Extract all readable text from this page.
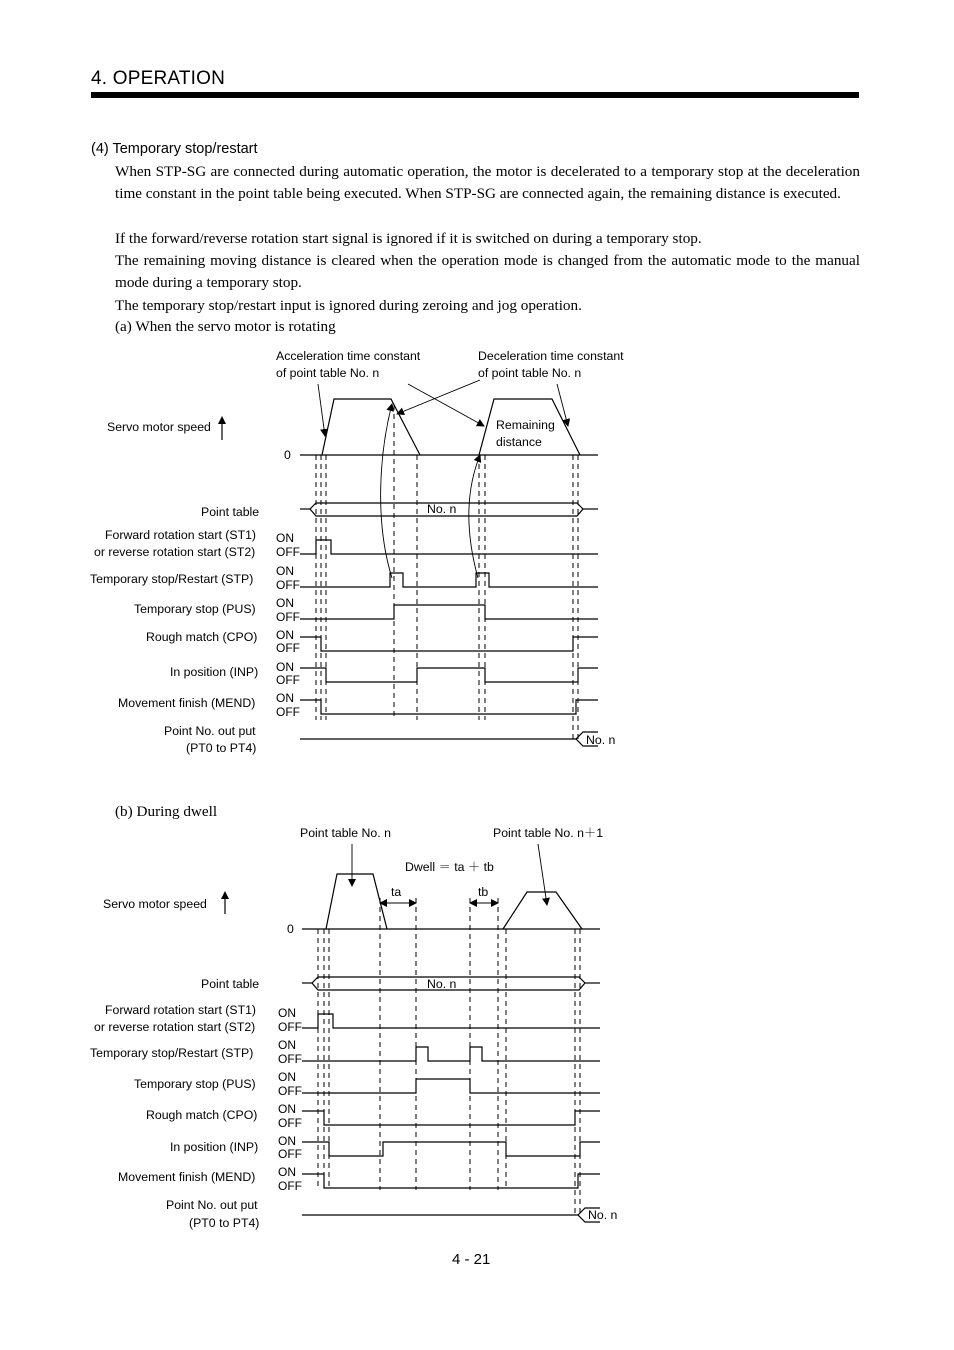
4. OPERATION
(4) Temporary stop/restart

When STP-SG are connected during automatic operation, the motor is decelerated to a temporary stop at the deceleration time constant in the point table being executed. When STP-SG are connected again, the remaining distance is executed.

If the forward/reverse rotation start signal is ignored if it is switched on during a temporary stop.

The remaining moving distance is cleared when the operation mode is changed from the automatic mode to the manual mode during a temporary stop.

The temporary stop/restart input is ignored during zeroing and jog operation.

(a) When the servo motor is rotating
Acceleration time constant
of point table No. n
Deceleration time constant
of point table No. n
Remaining
distance
Servo motor speed
0
Point table	No. n
Forward rotation start (ST1)
or reverse rotation start (ST2)
ON
OFF
Temporary stop/Restart (STP)
ON
OFF
Temporary stop (PUS) ON
OFF
Rough match (CPO) ON
OFF
In position (INP) ON
OFF
Movement finish (MEND) ON
OFF
Point No. out put
(PT0 to PT4)
No. n
(b) During dwell
Point table No. n	Point table No. n＋1
Dwell ＝ ta ＋ tb
ta	tb
Servo motor speed
0
Point table	No. n
Forward rotation start (ST1)
or reverse rotation start (ST2)
ON
OFF
Temporary stop/Restart (STP)
ON
OFF
Temporary stop (PUS) ON
OFF
Rough match (CPO) ON
OFF
In position (INP) ON
OFF
Movement finish (MEND) ON
OFF
Point No. out put
(PT0 to PT4)
No. n
4 - 21
